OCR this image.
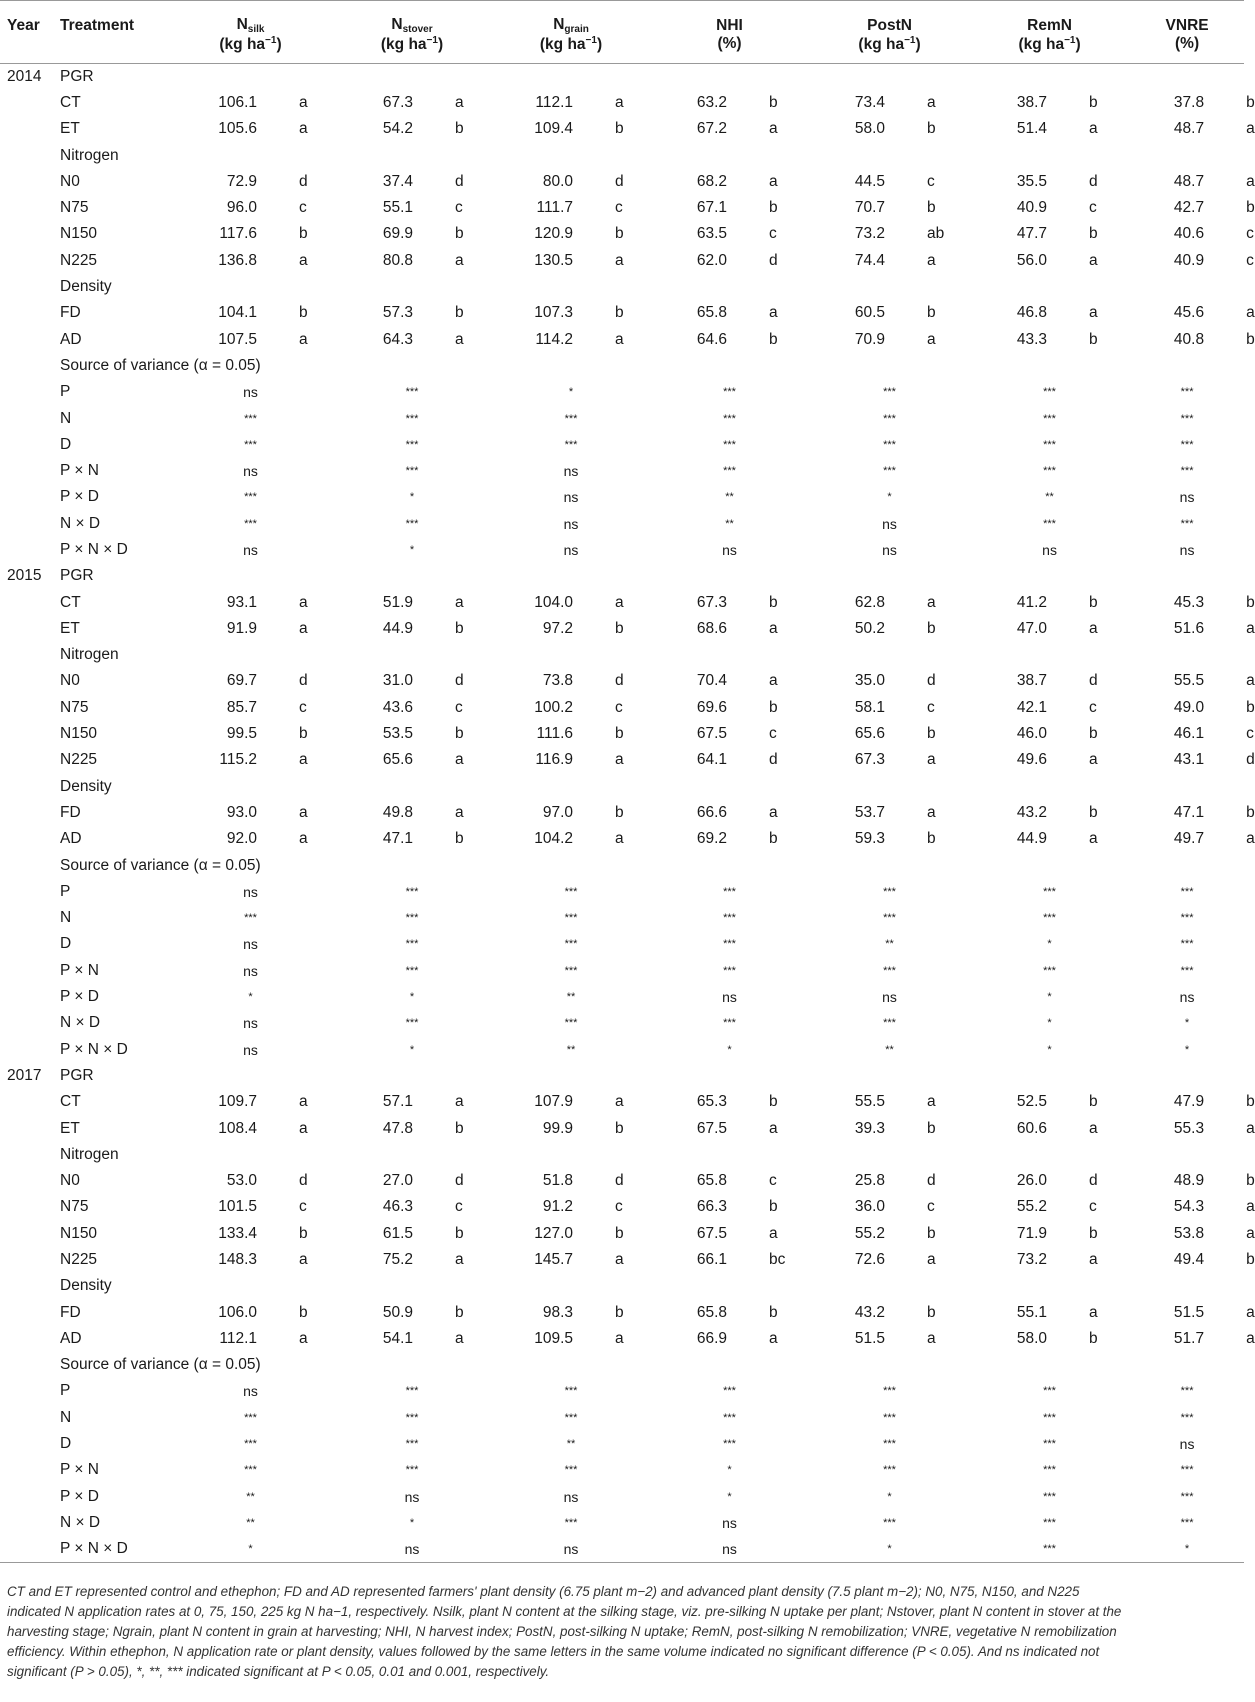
Year	Treatment	$N_{silk}$		$N_{stover}$		$N_{grain}$		NHI		PostN		RemN		VNRE	
		(kg $ha^{-1}$)		(kg $ha^{-1}$)		(kg $ha^{-1}$)		(%)		(kg $ha^{-1}$)		(kg $ha^{-1}$)		(%)	
2014	PGR														
	CT	106.1	a	67.3	a	112.1	a	63.2	b	73.4	a	38.7	b	37.8	b
	ET	105.6	a	54.2	b	109.4	b	67.2	a	58.0	b	51.4	a	48.7	a
	Nitrogen														
	N0	72.9	d	37.4	d	80.0	d	68.2	a	44.5	c	35.5	d	48.7	a
	N75	96.0	c	55.1	c	111.7	c	67.1	b	70.7	b	40.9	c	42.7	b
	N150	117.6	b	69.9	b	120.9	b	63.5	c	73.2	ab	47.7	b	40.6	c
	N225	136.8	a	80.8	a	130.5	a	62.0	d	74.4	a	56.0	a	40.9	c
	Density														
	FD	104.1	b	57.3	b	107.3	b	65.8	a	60.5	b	46.8	a	45.6	a
	AD	107.5	a	64.3	a	114.2	a	64.6	b	70.9	a	43.3	b	40.8	b
	Source of variance (α = 0.05)														
	P	ns		***		*		***		***		***		***	
	N	***		***		***		***		***		***		***	
	D	***		***		***		***		***		***		***	
	P × N	ns		***		ns		***		***		***		***	
	P × D	***		*		ns		**		*		**		ns	
	N × D	***		***		ns		**		ns		***		***	
	P × N × D	ns		*		ns		ns		ns		ns		ns	
2015	PGR														
	CT	93.1	a	51.9	a	104.0	a	67.3	b	62.8	a	41.2	b	45.3	b
	ET	91.9	a	44.9	b	97.2	b	68.6	a	50.2	b	47.0	a	51.6	a
	Nitrogen														
	N0	69.7	d	31.0	d	73.8	d	70.4	a	35.0	d	38.7	d	55.5	a
	N75	85.7	c	43.6	c	100.2	c	69.6	b	58.1	c	42.1	c	49.0	b
	N150	99.5	b	53.5	b	111.6	b	67.5	c	65.6	b	46.0	b	46.1	c
	N225	115.2	a	65.6	a	116.9	a	64.1	d	67.3	a	49.6	a	43.1	d
	Density														
	FD	93.0	a	49.8	a	97.0	b	66.6	a	53.7	a	43.2	b	47.1	b
	AD	92.0	a	47.1	b	104.2	a	69.2	b	59.3	b	44.9	a	49.7	a
	Source of variance (α = 0.05)														
	P	ns		***		***		***		***		***		***	
	N	***		***		***		***		***		***		***	
	D	ns		***		***		***		**		*		***	
	P × N	ns		***		***		***		***		***		***	
	P × D	*		*		**		ns		ns		*		ns	
	N × D	ns		***		***		***		***		*		*	
	P × N × D	ns		*		**		*		**		*		*	
2017	PGR														
	CT	109.7	a	57.1	a	107.9	a	65.3	b	55.5	a	52.5	b	47.9	b
	ET	108.4	a	47.8	b	99.9	b	67.5	a	39.3	b	60.6	a	55.3	a
	Nitrogen														
	N0	53.0	d	27.0	d	51.8	d	65.8	c	25.8	d	26.0	d	48.9	b
	N75	101.5	c	46.3	c	91.2	c	66.3	b	36.0	c	55.2	c	54.3	a
	N150	133.4	b	61.5	b	127.0	b	67.5	a	55.2	b	71.9	b	53.8	a
	N225	148.3	a	75.2	a	145.7	a	66.1	bc	72.6	a	73.2	a	49.4	b
	Density														
	FD	106.0	b	50.9	b	98.3	b	65.8	b	43.2	b	55.1	a	51.5	a
	AD	112.1	a	54.1	a	109.5	a	66.9	a	51.5	a	58.0	b	51.7	a
	Source of variance (α = 0.05)														
	P	ns		***		***		***		***		***		***	
	N	***		***		***		***		***		***		***	
	D	***		***		**		***		***		***		ns	
	P × N	***		***		***		*		***		***		***	
	P × D	**		ns		ns		*		*		***		***	
	N × D	**		*		***		ns		***		***		***	
	P × N × D	*		ns		ns		ns		*		***		*	
CT and ET represented control and ethephon; FD and AD represented farmers' plant density (6.75 plant m−2) and advanced plant density (7.5 plant m−2); N0, N75, N150, and N225 indicated N application rates at 0, 75, 150, 225 kg N ha−1, respectively. Nsilk, plant N content at the silking stage, viz. pre-silking N uptake per plant; Nstover, plant N content in stover at the harvesting stage; Ngrain, plant N content in grain at harvesting; NHI, N harvest index; PostN, post-silking N uptake; RemN, post-silking N remobilization; VNRE, vegetative N remobilization efficiency. Within ethephon, N application rate or plant density, values followed by the same letters in the same volume indicated no significant difference (P < 0.05). And ns indicated not significant (P > 0.05), *, **, *** indicated significant at P < 0.05, 0.01 and 0.001, respectively.
